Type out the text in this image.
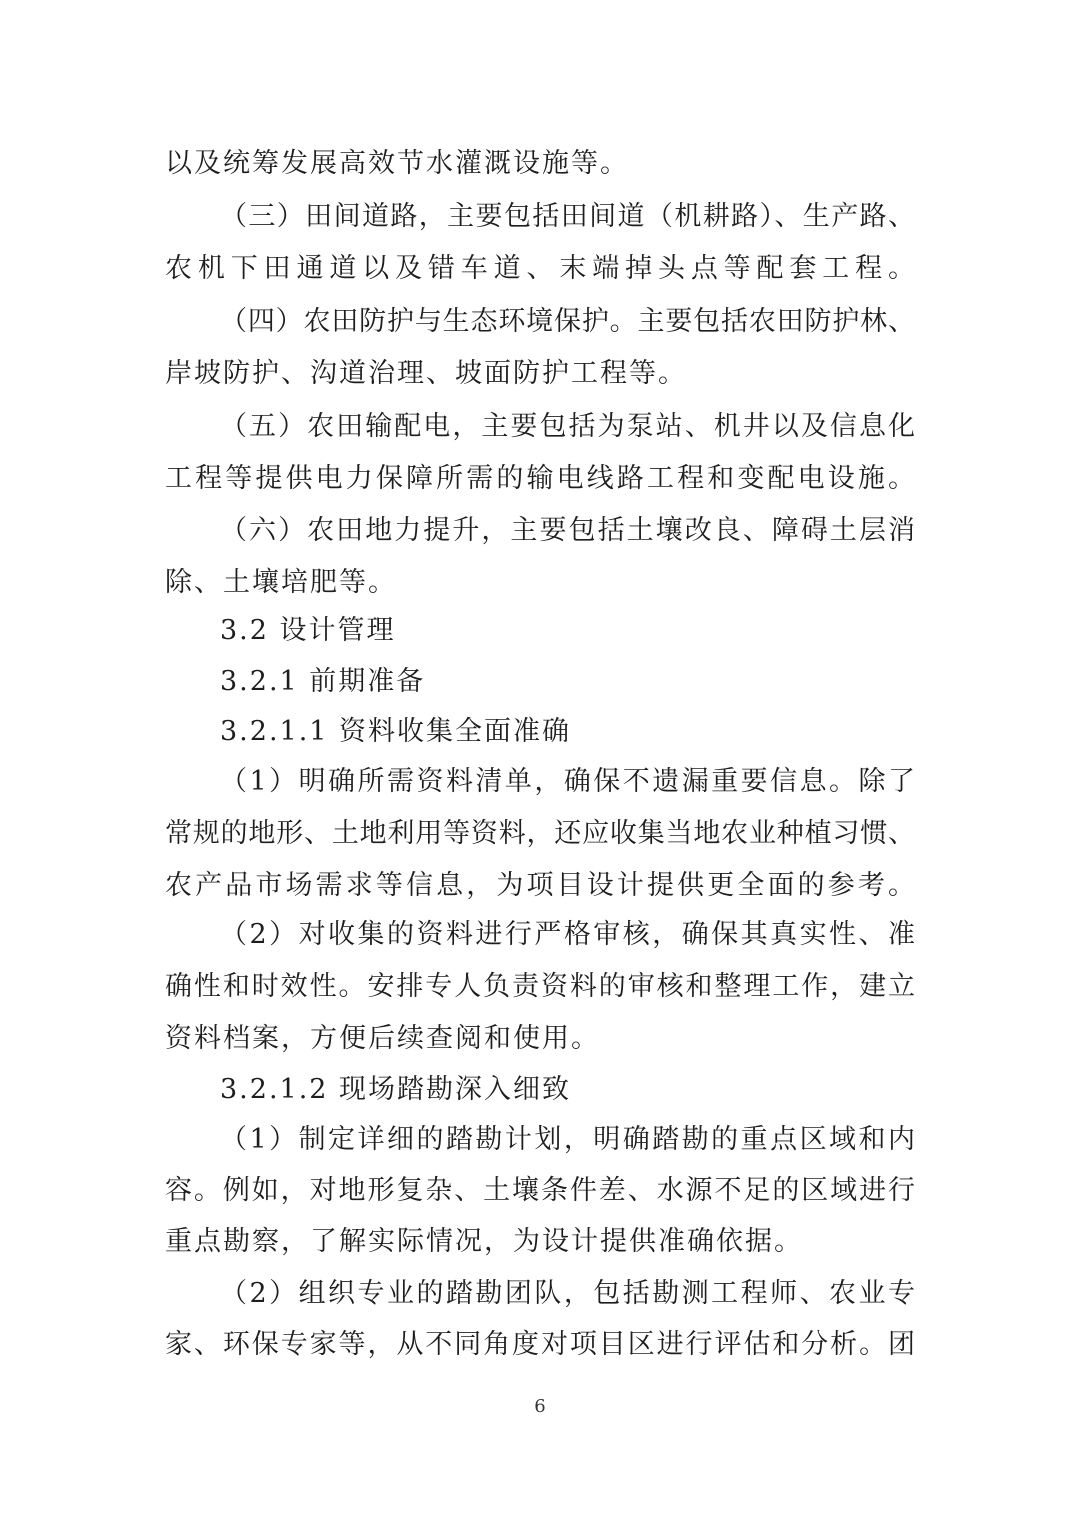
以及统筹发展高效节水灌溉设施等。
（三）田间道路，主要包括田间道（机耕路）、生产路、
农机下田通道以及错车道、末端掉头点等配套工程。
（四）农田防护与生态环境保护。主要包括农田防护林、
岸坡防护、沟道治理、坡面防护工程等。
（五）农田输配电，主要包括为泵站、机井以及信息化
工程等提供电力保障所需的输电线路工程和变配电设施。
（六）农田地力提升，主要包括土壤改良、障碍土层消
除、土壤培肥等。
3.2 设计管理
3.2.1 前期准备
3.2.1.1 资料收集全面准确
（1）明确所需资料清单，确保不遗漏重要信息。除了
常规的地形、土地利用等资料，还应收集当地农业种植习惯、
农产品市场需求等信息，为项目设计提供更全面的参考。
（2）对收集的资料进行严格审核，确保其真实性、准
确性和时效性。安排专人负责资料的审核和整理工作，建立
资料档案，方便后续查阅和使用。
3.2.1.2 现场踏勘深入细致
（1）制定详细的踏勘计划，明确踏勘的重点区域和内
容。例如，对地形复杂、土壤条件差、水源不足的区域进行
重点勘察，了解实际情况，为设计提供准确依据。
（2）组织专业的踏勘团队，包括勘测工程师、农业专
家、环保专家等，从不同角度对项目区进行评估和分析。团
6
